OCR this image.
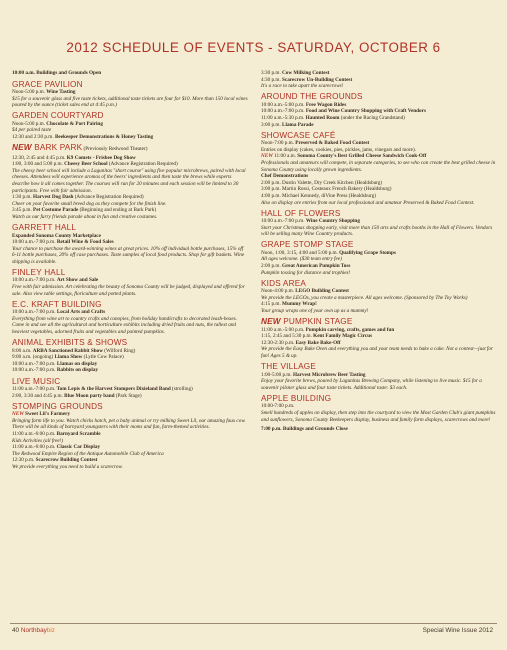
2012 SCHEDULE OF EVENTS - SATURDAY, OCTOBER 6
10:00 a.m. Buildings and Grounds Open
GRACE PAVILION

Noon-5:00 p.m. Wine Tasting

$15 for a souvenir glass and five taste tickets, additional taste tickets are four for $10. More than 150 local wines poured by the ounce (ticket sales end at 4:45 p.m.)

GARDEN COURTYARD

Noon-5:00 p.m. Chocolate & Port Pairing

$4 per paired taste

12:30 and 2:30 p.m. Beekeeper Demonstrations & Honey Tasting

NEW BARK PARK (Previously Redwood Theater)

12:30, 2:45 and 4:45 p.m. K9 Comets - Frisbee Dog Show

1:00, 3:00 and 5:00 p.m. Cheesy Beer School (Advance Registration Required)

The cheesy beer school will include a Lagunitas "short course" using five popular microbrews, paired with local cheeses. Attendees will experience aromas of the beers' ingredients and then taste the brews while experts describe how it all comes together. The courses will run for 20 minutes and each session will be limited to 30 participants. Free with fair admission.

1:30 p.m. Harvest Dog Dash (Advance Registration Required)

Cheer on your favorite small breed dog as they compete for the finish line.

3:45 p.m. Pet Costume Parade (Beginning and ending at Bark Park)

Watch as our furry friends parade about in fun and creative costumes.

GARRETT HALL

Expanded Sonoma County Marketplace

10:00 a.m.-7:00 p.m. Retail Wine & Food Sales

Your chance to purchase the award-winning wines at great prices. 10% off individual bottle purchases, 15% off 6-11 bottle purchases, 20% off case purchases. Taste samples of local food products. Shop for gift baskets. Wine shipping is available.

FINLEY HALL

10:00 a.m.-7:00 p.m. Art Show and Sale

Free with fair admission. Art celebrating the beauty of Sonoma County will be judged, displayed and offered for sale. Also view table settings, floriculture and potted plants.

E.C. KRAFT BUILDING

10:00 a.m.-7:00 p.m. Local Arts and Crafts

Everything from wine art to country crafts and canopies, from holiday handicrafts to decorated leash-boxes. Come in and see all the agricultural and horticulture exhibits including dried fruits and nuts, the tallest and heaviest vegetables, adorned fruits and vegetables and painted pumpkins.

ANIMAL EXHIBITS & SHOWS

8:00 a.m. ARBA Sanctioned Rabbit Show (Wilford Ring)

9:00 a.m. (ongoing) Llama Show (Lytle Cow Palace)

10:00 a.m.-7:00 p.m. Llamas on display

10:00 a.m.-7:00 p.m. Rabbits on display

LIVE MUSIC

11:00 a.m.-7:00 p.m. Tom Lepis & the Harvest Stompers Dixieland Band (strolling)

2:00, 3:30 and 4:45 p.m. Blue Moon party band (Park Stage)

STOMPING GROUNDS

NEW Sweet Lil's Farmery

Bringing farm life to you. Watch chicks hatch, pet a baby animal or try milking Sweet Lil, our amazing faux cow. There will be all kinds of barnyard youngsters with their moms and fun, farm-themed activities.

11:00 a.m.-6:00 p.m. Barnyard Scramble

Kids Activities (all free!)

11:00 a.m.-6:00 p.m. Classic Car Display

The Redwood Empire Region of the Antique Automobile Club of America

12:30 p.m. Scarecrow Building Contest

We provide everything you need to build a scarecrow.

3:30 p.m. Cow Milking Contest

4:30 p.m. Scarecrow Un-Building Contest

It's a race to take apart the scarecrows!

AROUND THE GROUNDS

10:00 a.m.-5:00 p.m. Free Wagon Rides

10:00 a.m.-7:00 p.m. Food and Wine Country Shopping with Craft Vendors

11:00 a.m.-5:30 p.m. Haunted Room (under the Racing Grandstand)

3:00 p.m. Llama Parade

SHOWCASE CAFÉ

Noon-7:00 p.m. Preserved & Baked Food Contest

Entries on display (cakes, cookies, pies, pickles, jams, vinegars and more).

NEW 11:00 a.m. Sonoma County's Best Grilled Cheese Sandwich Cook-Off

Professionals and amateurs will compete, in separate categories, to see who can create the best grilled cheese in Sonoma County using locally grown ingredients.

Chef Demonstrations

2:00 p.m. Dustin Valette, Dry Creek Kitchen (Healdsburg)

3:00 p.m. Martin Rossi, Costeaux French Bakery (Healdsburg)

4:00 p.m. Michael Kennedy, diVine Press (Healdsburg)

Also on display are entries from our local professional and amateur Preserved & Baked Food Contest.

HALL OF FLOWERS

10:00 a.m.-7:00 p.m. Wine Country Shopping

Start your Christmas shopping early, visit more than 150 arts and crafts booths in the Hall of Flowers. Vendors will be selling many Wine Country products.

GRAPE STOMP STAGE

Noon, 1:00, 3:15, 4:00 and 5:00 p.m. Qualifying Grape Stomps

All ages welcome. ($30 team entry fee)

2:00 p.m. Great American Pumpkin Toss

Pumpkin tossing for distance and trophies!

KIDS AREA

Noon-4:00 p.m. LEGO Building Contest

We provide the LEGOs, you create a masterpiece. All ages welcome. (Sponsored by The Toy Works)

4:15 p.m. Mummy Wrap!

Your group wraps one of your own up as a mummy!

NEW PUMPKIN STAGE

11:00 a.m.-5:00 p.m. Pumpkin carving, crafts, games and fun

1:15, 2:45 and 5:30 p.m. Kent Family Magic Circus

12:30-2:30 p.m. Easy Bake Bake-Off

We provide the Easy Bake Oven and everything you and your team needs to bake a cake. Not a contest—just for fun! Ages 5 & up.

THE VILLAGE

1:00-5:00 p.m. Harvest Microbrew Beer Tasting

Enjoy your favorite brews, poured by Lagunitas Brewing Company, while listening to live music. $15 for a souvenir pilsner glass and four taste tickets. Additional taste: $3 each.

APPLE BUILDING

10:00-7:00 p.m.

Smell hundreds of apples on display, then step into the courtyard to view the Most Garden Club's giant pumpkins and sunflowers, Sonoma County Beekeepers display, business and family farm displays, scarecrows and more!

7:00 p.m. Buildings and Grounds Close

40 Northbaybiz	Special Wine Issue 2012
